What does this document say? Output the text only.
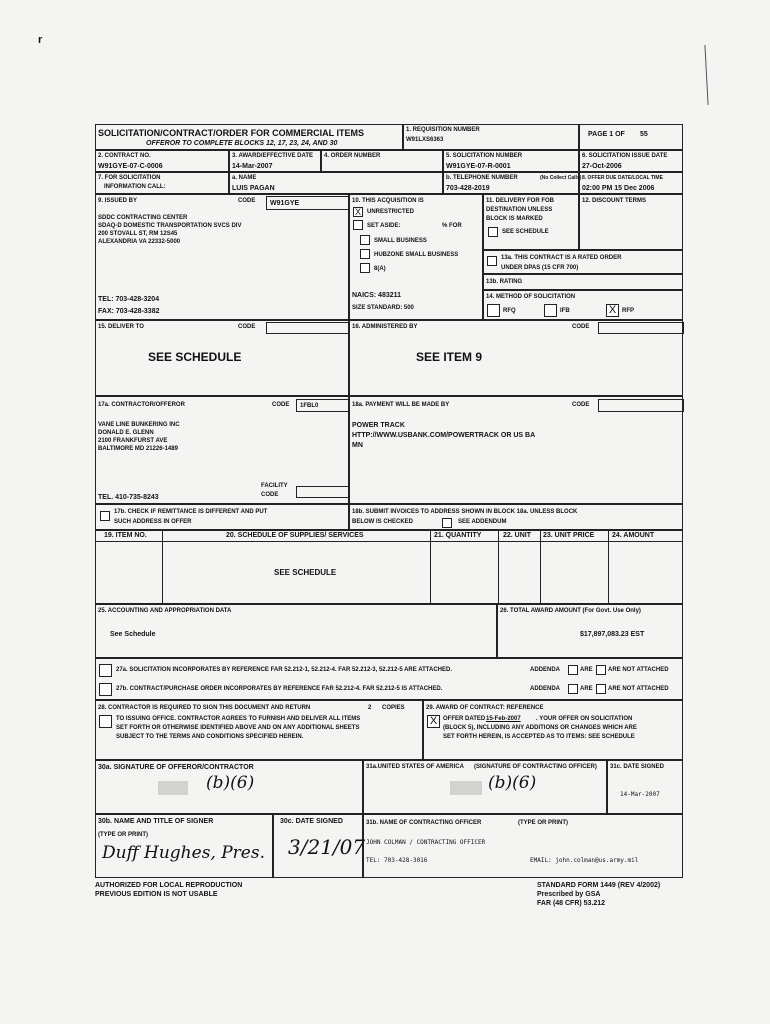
r
SOLICITATION/CONTRACT/ORDER FOR COMMERCIAL ITEMS
OFFEROR TO COMPLETE BLOCKS 12, 17, 23, 24, AND 30
1. REQUISITION NUMBER
W91LXS6363
PAGE 1 OF 55
2. CONTRACT NO.
W91GYE-07-C-0006
3. AWARD/EFFECTIVE DATE
14-Mar-2007
4. ORDER NUMBER	5. SOLICITATION NUMBER
W91GYE-07-R-0001
6. SOLICITATION ISSUE DATE
27-Oct-2006
7. FOR SOLICITATION
INFORMATION CALL:
a. NAME
LUIS PAGAN
b. TELEPHONE NUMBER	(No Collect Calls)
703-428-2019
8. OFFER DUE DATE/LOCAL TIME
02:00 PM 15 Dec 2006
9. ISSUED BY	CODE W91GYE
SDDC CONTRACTING CENTER
SDAQ-D DOMESTIC TRANSPORTATION SVCS DIV
200 STOVALL ST, RM 12S45
ALEXANDRIA VA 22332-5000
TEL: 703-428-3204
FAX: 703-428-3382
10. THIS ACQUISITION IS
X	UNRESTRICTED
SET ASIDE:	% FOR
SMALL BUSINESS
HUBZONE SMALL BUSINESS
8(A)
NAICS: 483211
SIZE STANDARD: 500
11. DELIVERY FOR FOB
DESTINATION UNLESS
BLOCK IS MARKED
SEE SCHEDULE
12. DISCOUNT TERMS
13a. THIS CONTRACT IS A RATED ORDER
UNDER DPAS (15 CFR 700)
13b. RATING
14. METHOD OF SOLICITATION
RFQ	IFB	X RFP
15. DELIVER TO	CODE
SEE SCHEDULE
16. ADMINISTERED BY	CODE
SEE ITEM 9
17a. CONTRACTOR/OFFEROR	CODE 1FBL0
VANE LINE BUNKERING INC
DONALD E. GLENN
2100 FRANKFURST AVE
BALTIMORE MD 21226-1489
FACILITY
CODE
TEL. 410-735-8243
18a. PAYMENT WILL BE MADE BY	CODE
POWER TRACK
HTTP://WWW.USBANK.COM/POWERTRACK OR US BA
MN
17b. CHECK IF REMITTANCE IS DIFFERENT AND PUT
SUCH ADDRESS IN OFFER
18b. SUBMIT INVOICES TO ADDRESS SHOWN IN BLOCK 18a. UNLESS BLOCK
BELOW IS CHECKED	SEE ADDENDUM
19. ITEM NO.	20. SCHEDULE OF SUPPLIES/ SERVICES	21. QUANTITY	22. UNIT 23. UNIT PRICE	24. AMOUNT
SEE SCHEDULE
25. ACCOUNTING AND APPROPRIATION DATA
See Schedule
26. TOTAL AWARD AMOUNT (For Govt. Use Only)
$17,897,083.23 EST
27a. SOLICITATION INCORPORATES BY REFERENCE FAR 52.212-1, 52.212-4. FAR 52.212-3, 52.212-5 ARE ATTACHED.	ADDENDA	ARE	ARE NOT ATTACHED
27b. CONTRACT/PURCHASE ORDER INCORPORATES BY REFERENCE FAR 52.212-4. FAR 52.212-5 IS ATTACHED.	ADDENDA	ARE	ARE NOT ATTACHED
28. CONTRACTOR IS REQUIRED TO SIGN THIS DOCUMENT AND RETURN	2 COPIES
TO ISSUING OFFICE. CONTRACTOR AGREES TO FURNISH AND DELIVER ALL ITEMS
SET FORTH OR OTHERWISE IDENTIFIED ABOVE AND ON ANY ADDITIONAL SHEETS
SUBJECT TO THE TERMS AND CONDITIONS SPECIFIED HEREIN.
29. AWARD OF CONTRACT: REFERENCE
X OFFER DATED 15-Feb-2007	. YOUR OFFER ON SOLICITATION
(BLOCK 5), INCLUDING ANY ADDITIONS OR CHANGES WHICH ARE
SET FORTH HEREIN, IS ACCEPTED AS TO ITEMS: SEE SCHEDULE
30a. SIGNATURE OF OFFEROR/CONTRACTOR
(b)(6)
31a.UNITED STATES OF AMERICA (SIGNATURE OF CONTRACTING OFFICER)
(b)(6)
31c. DATE SIGNED
14-Mar-2007
30b. NAME AND TITLE OF SIGNER
(TYPE OR PRINT)
Duff Hughes, Pres.
30c. DATE SIGNED
3/21/07
31b. NAME OF CONTRACTING OFFICER	(TYPE OR PRINT)
JOHN COLMAN / CONTRACTING OFFICER
TEL: 703-428-3016	EMAIL: john.colman@us.army.mil
AUTHORIZED FOR LOCAL REPRODUCTION
PREVIOUS EDITION IS NOT USABLE
STANDARD FORM 1449 (REV 4/2002)
Prescribed by GSA
FAR (48 CFR) 53.212
